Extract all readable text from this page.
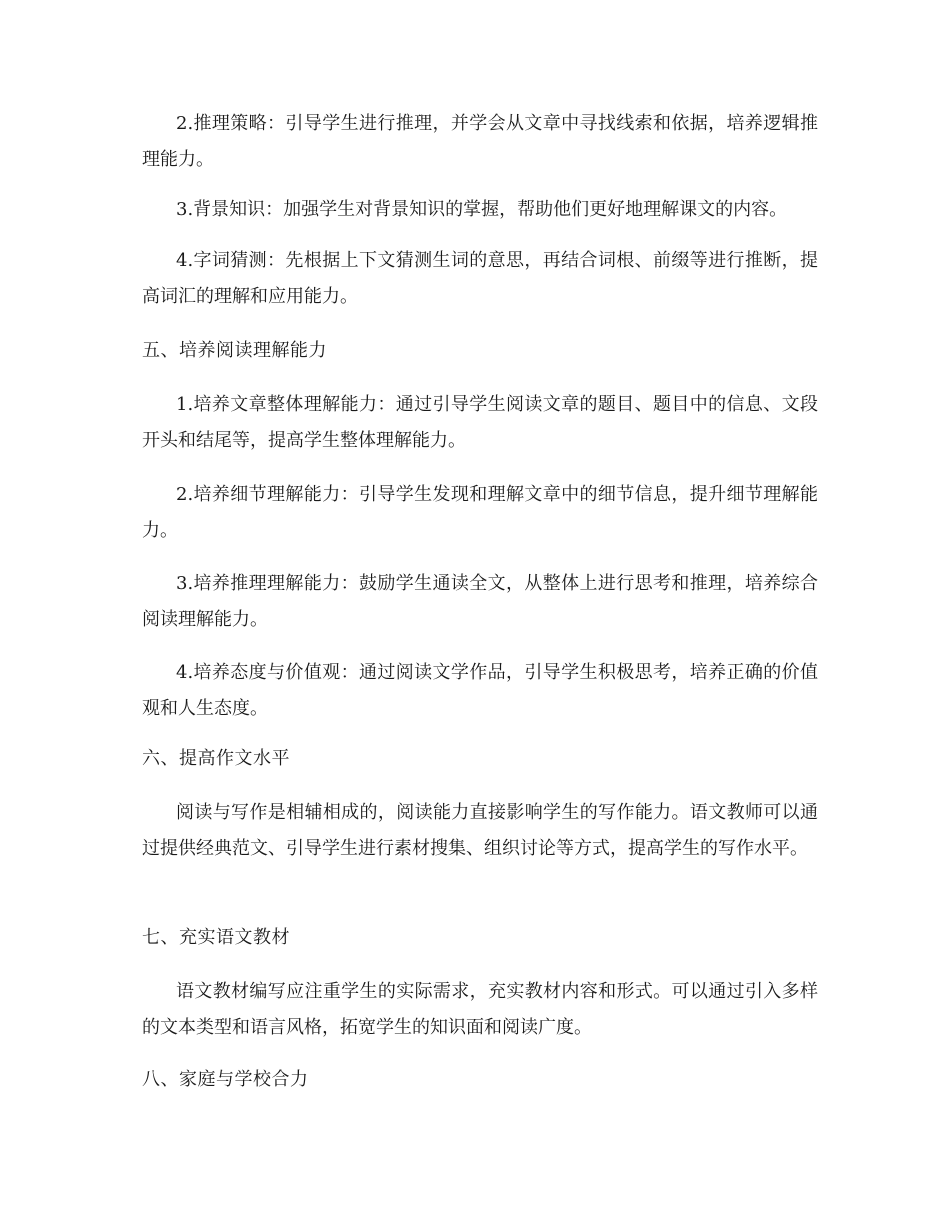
2.推理策略：引导学生进行推理，并学会从文章中寻找线索和依据，培养逻辑推理能力。

3.背景知识：加强学生对背景知识的掌握，帮助他们更好地理解课文的内容。

4.字词猜测：先根据上下文猜测生词的意思，再结合词根、前缀等进行推断，提高词汇的理解和应用能力。

五、培养阅读理解能力

1.培养文章整体理解能力：通过引导学生阅读文章的题目、题目中的信息、文段开头和结尾等，提高学生整体理解能力。

2.培养细节理解能力：引导学生发现和理解文章中的细节信息，提升细节理解能力。

3.培养推理理解能力：鼓励学生通读全文，从整体上进行思考和推理，培养综合阅读理解能力。

4.培养态度与价值观：通过阅读文学作品，引导学生积极思考，培养正确的价值观和人生态度。

六、提高作文水平

阅读与写作是相辅相成的，阅读能力直接影响学生的写作能力。语文教师可以通过提供经典范文、引导学生进行素材搜集、组织讨论等方式，提高学生的写作水平。

七、充实语文教材

语文教材编写应注重学生的实际需求，充实教材内容和形式。可以通过引入多样的文本类型和语言风格，拓宽学生的知识面和阅读广度。

八、家庭与学校合力
